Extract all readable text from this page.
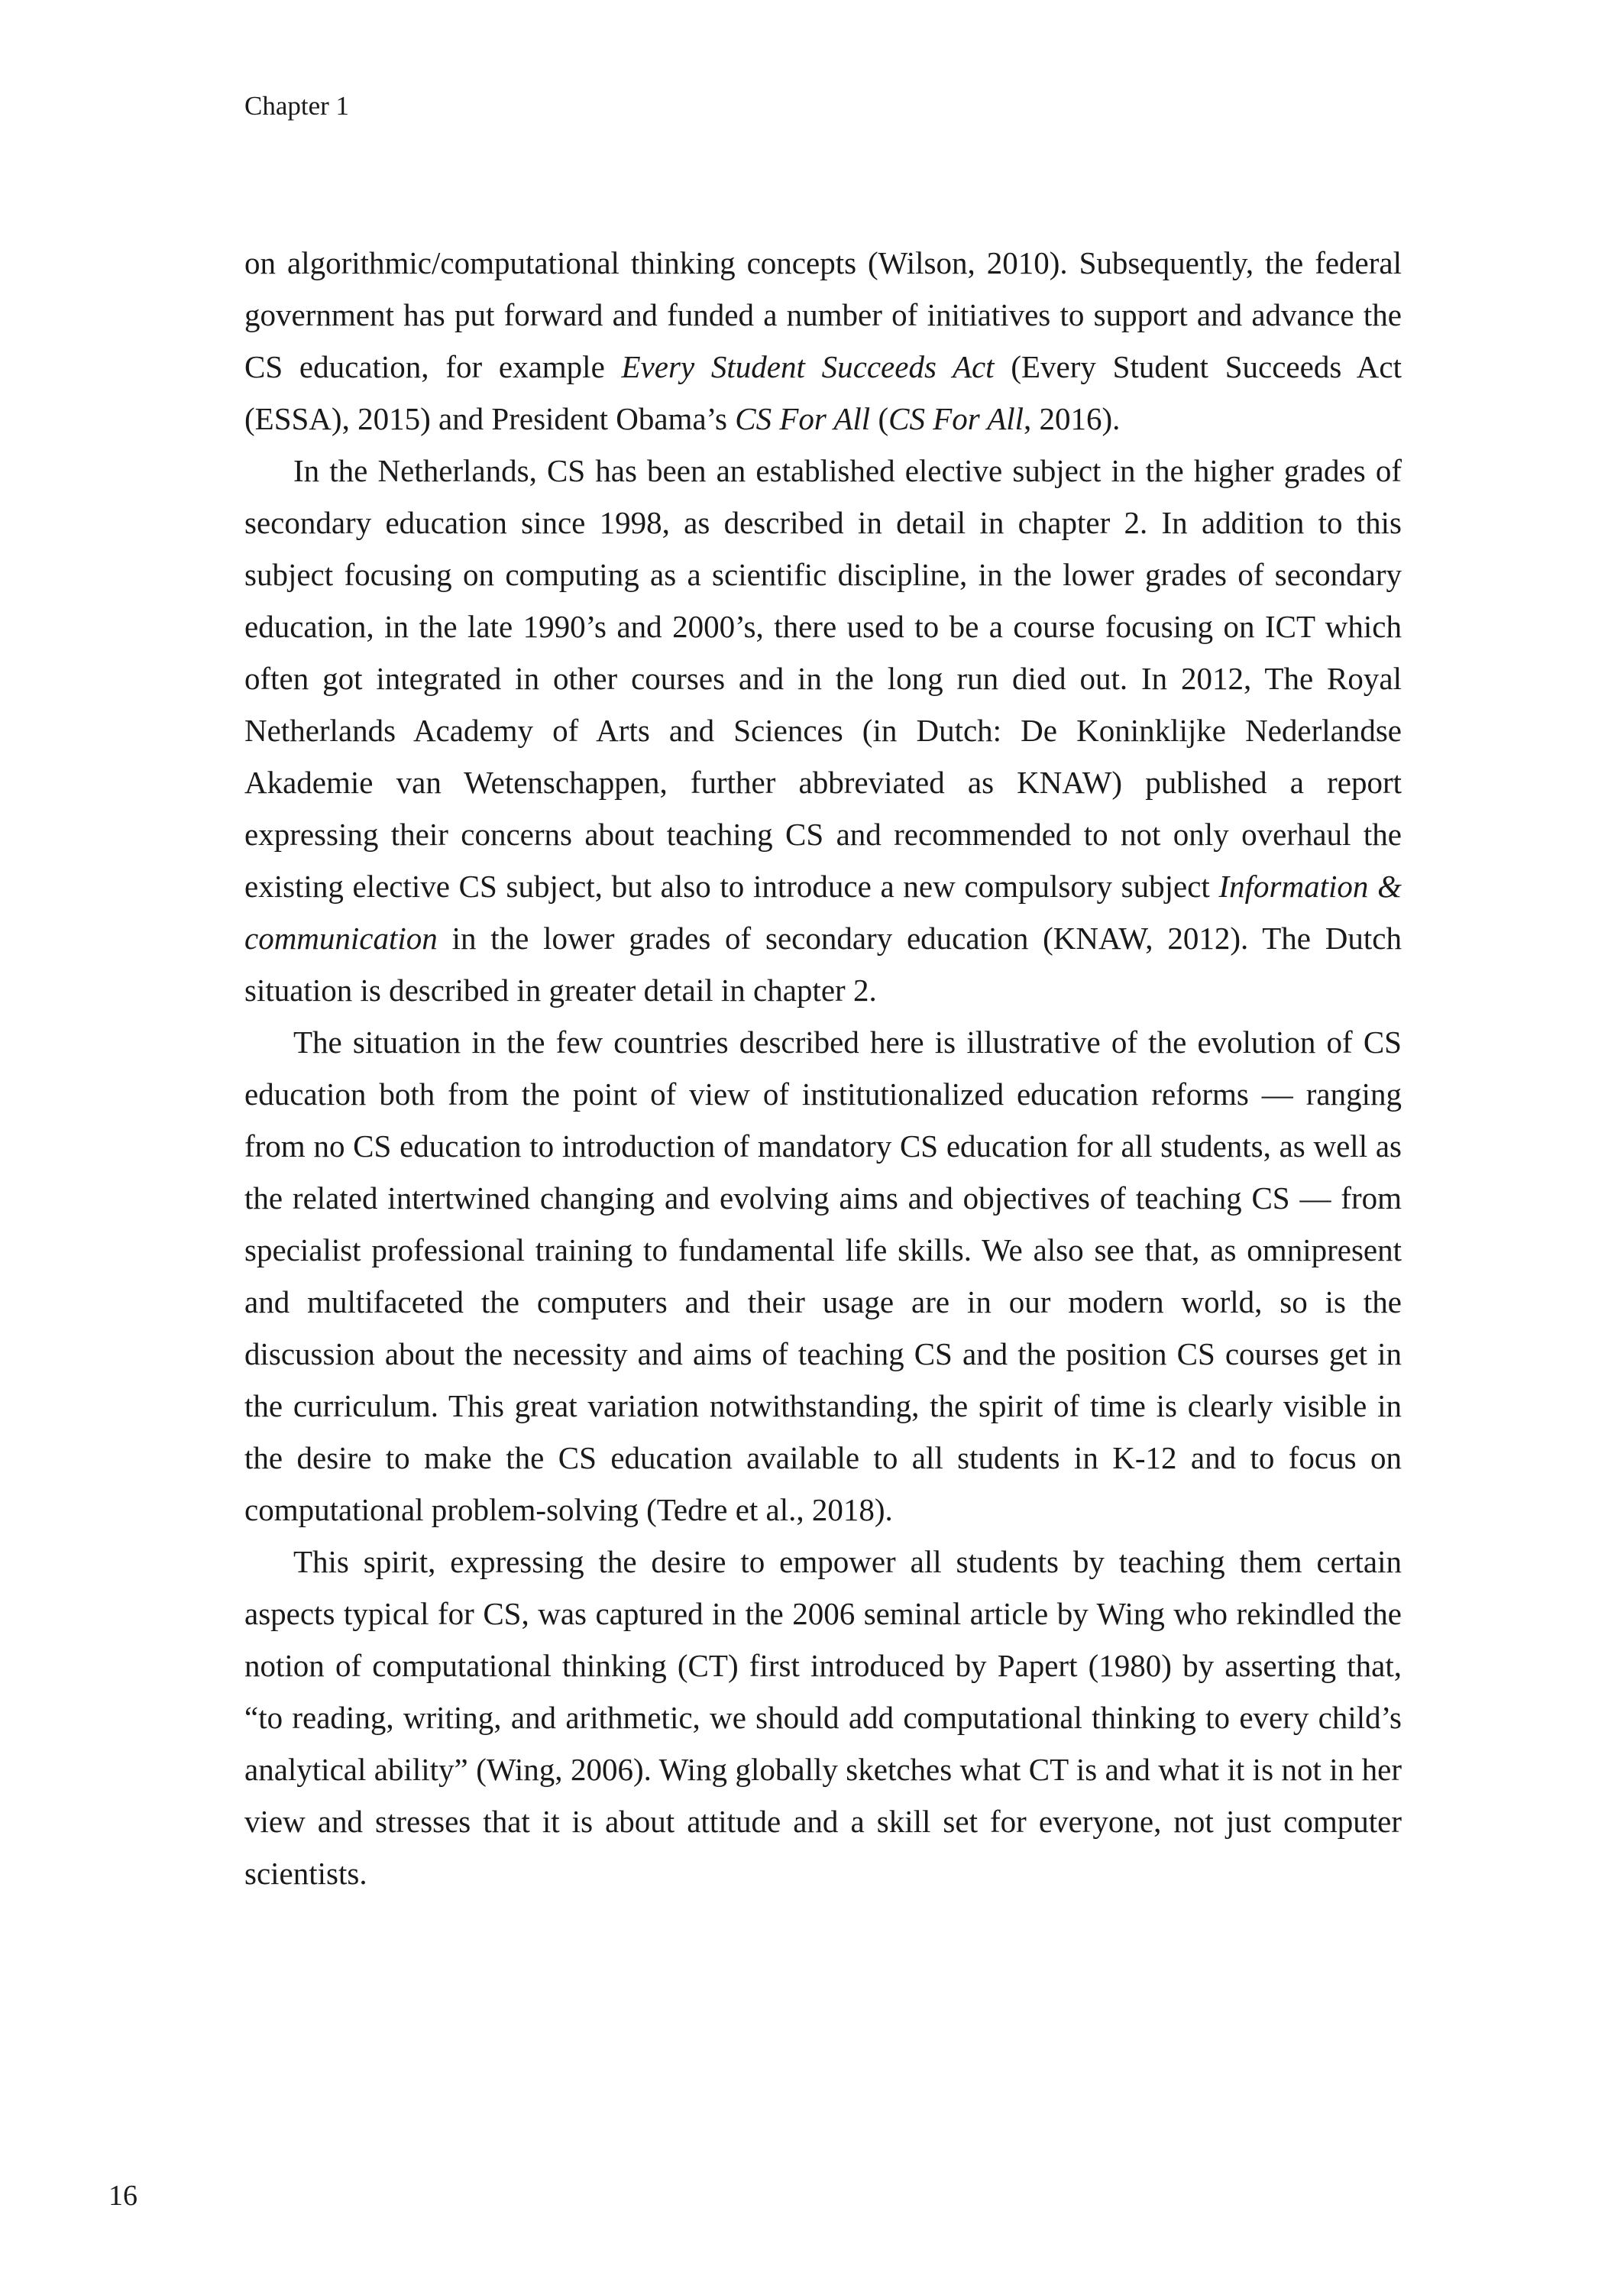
Chapter 1

on algorithmic/computational thinking concepts (Wilson, 2010). Subsequently, the federal government has put forward and funded a number of initiatives to support and advance the CS education, for example Every Student Succeeds Act (Every Student Succeeds Act (ESSA), 2015) and President Obama’s CS For All (CS For All, 2016).

In the Netherlands, CS has been an established elective subject in the higher grades of secondary education since 1998, as described in detail in chapter 2. In addition to this subject focusing on computing as a scientific discipline, in the lower grades of secondary education, in the late 1990’s and 2000’s, there used to be a course focusing on ICT which often got integrated in other courses and in the long run died out. In 2012, The Royal Netherlands Academy of Arts and Sciences (in Dutch: De Koninklijke Nederlandse Akademie van Wetenschappen, further abbreviated as KNAW) published a report expressing their concerns about teaching CS and recommended to not only overhaul the existing elective CS subject, but also to introduce a new compulsory subject Information & communication in the lower grades of secondary education (KNAW, 2012). The Dutch situation is described in greater detail in chapter 2.

The situation in the few countries described here is illustrative of the evolution of CS education both from the point of view of institutionalized education reforms — ranging from no CS education to introduction of mandatory CS education for all students, as well as the related intertwined changing and evolving aims and objectives of teaching CS — from specialist professional training to fundamental life skills. We also see that, as omnipresent and multifaceted the computers and their usage are in our modern world, so is the discussion about the necessity and aims of teaching CS and the position CS courses get in the curriculum. This great variation notwithstanding, the spirit of time is clearly visible in the desire to make the CS education available to all students in K-12 and to focus on computational problem-solving (Tedre et al., 2018).

This spirit, expressing the desire to empower all students by teaching them certain aspects typical for CS, was captured in the 2006 seminal article by Wing who rekindled the notion of computational thinking (CT) first introduced by Papert (1980) by asserting that, “to reading, writing, and arithmetic, we should add computational thinking to every child’s analytical ability” (Wing, 2006). Wing globally sketches what CT is and what it is not in her view and stresses that it is about attitude and a skill set for everyone, not just computer scientists.

16
